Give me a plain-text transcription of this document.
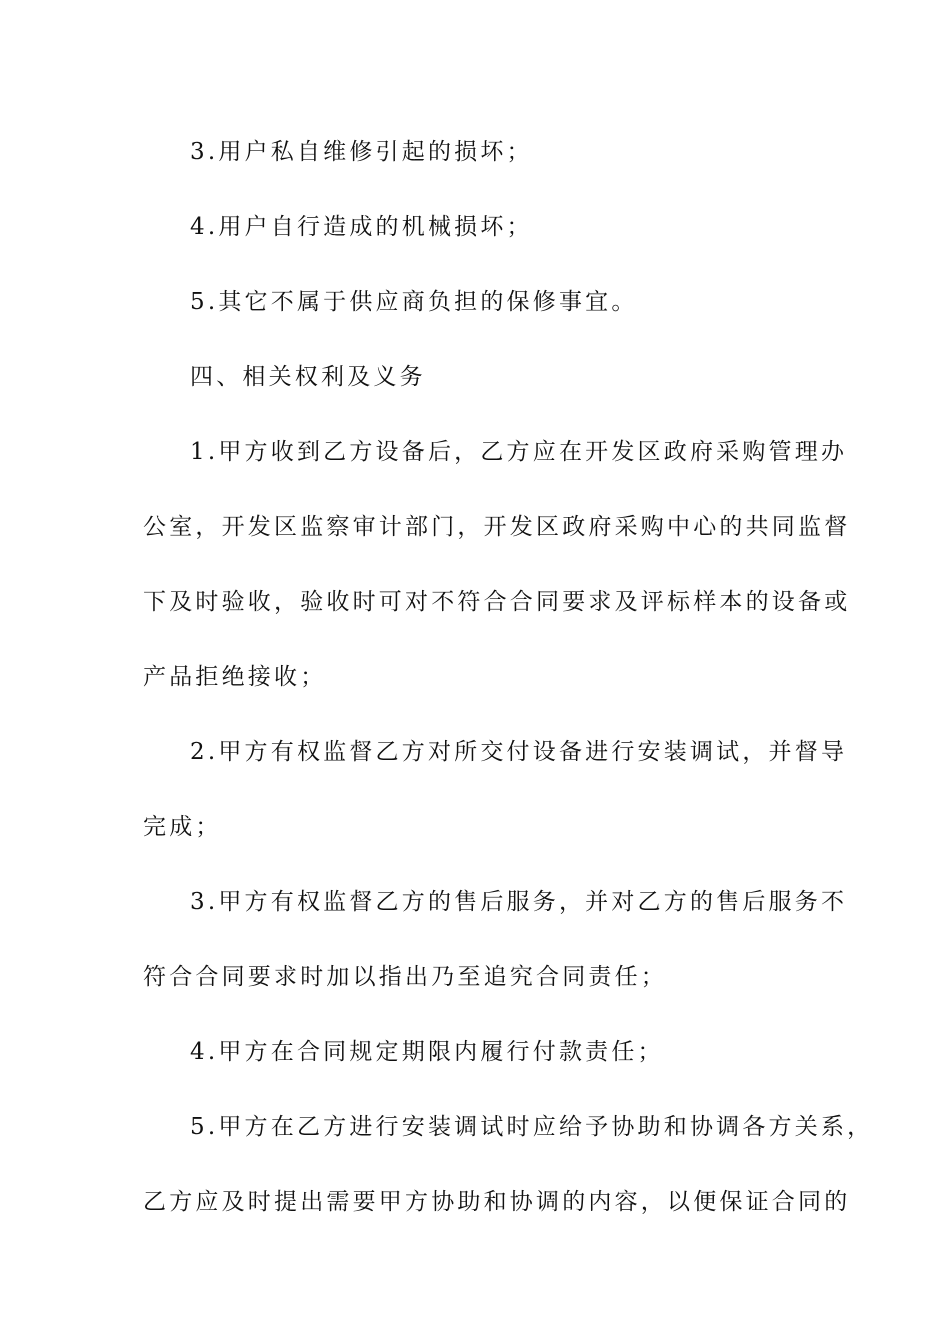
3.用户私自维修引起的损坏；
4.用户自行造成的机械损坏；
5.其它不属于供应商负担的保修事宜。
四、相关权利及义务
1.甲方收到乙方设备后，乙方应在开发区政府采购管理办
公室，开发区监察审计部门，开发区政府采购中心的共同监督
下及时验收，验收时可对不符合合同要求及评标样本的设备或
产品拒绝接收；
2.甲方有权监督乙方对所交付设备进行安装调试，并督导
完成；
3.甲方有权监督乙方的售后服务，并对乙方的售后服务不
符合合同要求时加以指出乃至追究合同责任；
4.甲方在合同规定期限内履行付款责任；
5.甲方在乙方进行安装调试时应给予协助和协调各方关系，
乙方应及时提出需要甲方协助和协调的内容，以便保证合同的
